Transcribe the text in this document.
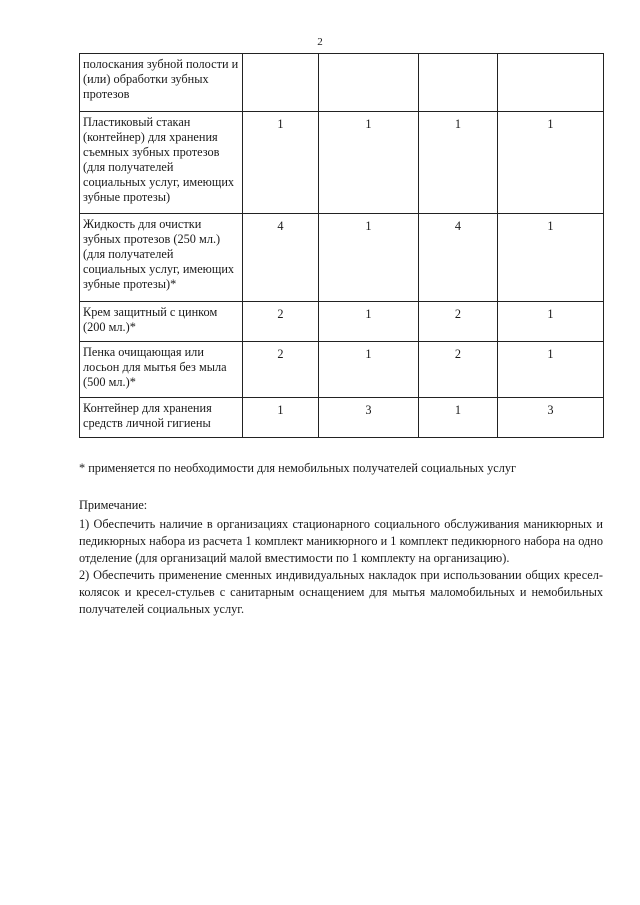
2
полоскания зубной полости и (или) обработки зубных протезов				
Пластиковый стакан (контейнер) для хранения съемных зубных протезов (для получателей социальных услуг, имеющих зубные протезы)	1	1	1	1
Жидкость для очистки зубных протезов (250 мл.) (для получателей социальных услуг, имеющих зубные протезы)*	4	1	4	1
Крем защитный с цинком (200 мл.)*	2	1	2	1
Пенка очищающая или лосьон для мытья без мыла (500 мл.)*	2	1	2	1
Контейнер для хранения средств личной гигиены	1	3	1	3
* применяется по необходимости для немобильных получателей социальных услуг

Примечание:

1) Обеспечить наличие в организациях стационарного социального обслуживания маникюрных и педикюрных набора из расчета 1 комплект маникюрного и 1 комплект педикюрного набора на одно отделение (для организаций малой вместимости по 1 комплекту на организацию).

2) Обеспечить применение сменных индивидуальных накладок при использовании общих кресел-колясок и кресел-стульев с санитарным оснащением для мытья маломобильных и немобильных получателей социальных услуг.
